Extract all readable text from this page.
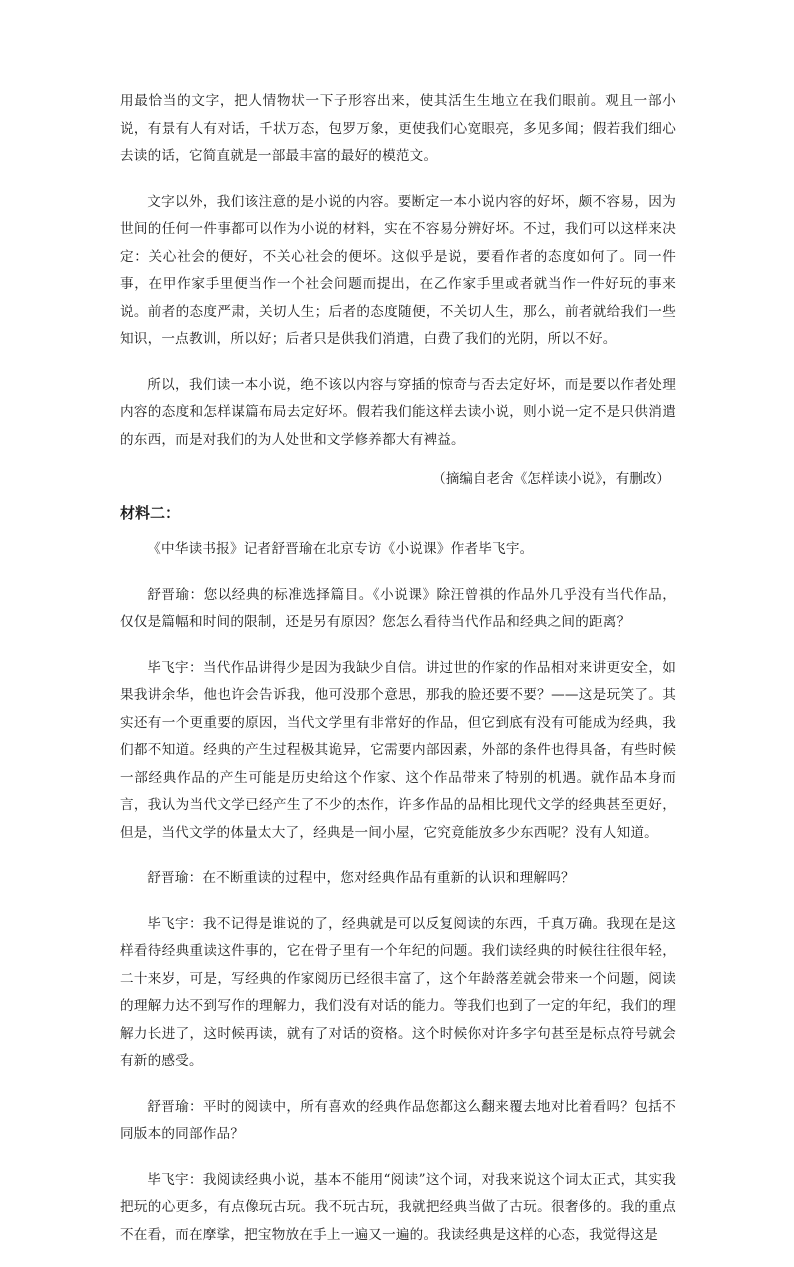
用最恰当的文字，把人情物状一下子形容出来，使其活生生地立在我们眼前。观且一部小说，有景有人有对话，千状万态，包罗万象，更使我们心宽眼亮，多见多闻；假若我们细心去读的话，它简直就是一部最丰富的最好的模范文。

文字以外，我们该注意的是小说的内容。要断定一本小说内容的好坏，颇不容易，因为世间的任何一件事都可以作为小说的材料，实在不容易分辨好坏。不过，我们可以这样来决定：关心社会的便好，不关心社会的便坏。这似乎是说，要看作者的态度如何了。同一件事，在甲作家手里便当作一个社会问题而提出，在乙作家手里或者就当作一件好玩的事来说。前者的态度严肃，关切人生；后者的态度随便，不关切人生，那么，前者就给我们一些知识，一点教训，所以好；后者只是供我们消遣，白费了我们的光阴，所以不好。

所以，我们读一本小说，绝不该以内容与穿插的惊奇与否去定好坏，而是要以作者处理内容的态度和怎样谋篇布局去定好坏。假若我们能这样去读小说，则小说一定不是只供消遣的东西，而是对我们的为人处世和文学修养都大有裨益。

（摘编自老舍《怎样读小说》，有删改）

材料二：

《中华读书报》记者舒晋瑜在北京专访《小说课》作者毕飞宇。

舒晋瑜：您以经典的标准选择篇目。《小说课》除汪曾祺的作品外几乎没有当代作品，仅仅是篇幅和时间的限制，还是另有原因？您怎么看待当代作品和经典之间的距离？

毕飞宇：当代作品讲得少是因为我缺少自信。讲过世的作家的作品相对来讲更安全，如果我讲余华，他也许会告诉我，他可没那个意思，那我的脸还要不要？——这是玩笑了。其实还有一个更重要的原因，当代文学里有非常好的作品，但它到底有没有可能成为经典，我们都不知道。经典的产生过程极其诡异，它需要内部因素，外部的条件也得具备，有些时候一部经典作品的产生可能是历史给这个作家、这个作品带来了特别的机遇。就作品本身而言，我认为当代文学已经产生了不少的杰作，许多作品的品相比现代文学的经典甚至更好，但是，当代文学的体量太大了，经典是一间小屋，它究竟能放多少东西呢？没有人知道。

舒晋瑜：在不断重读的过程中，您对经典作品有重新的认识和理解吗？

毕飞宇：我不记得是谁说的了，经典就是可以反复阅读的东西，千真万确。我现在是这样看待经典重读这件事的，它在骨子里有一个年纪的问题。我们读经典的时候往往很年轻，二十来岁，可是，写经典的作家阅历已经很丰富了，这个年龄落差就会带来一个问题，阅读的理解力达不到写作的理解力，我们没有对话的能力。等我们也到了一定的年纪，我们的理解力长进了，这时候再读，就有了对话的资格。这个时候你对许多字句甚至是标点符号就会有新的感受。

舒晋瑜：平时的阅读中，所有喜欢的经典作品您都这么翻来覆去地对比着看吗？包括不同版本的同部作品？

毕飞宇：我阅读经典小说，基本不能用“阅读”这个词，对我来说这个词太正式，其实我把玩的心更多，有点像玩古玩。我不玩古玩，我就把经典当做了古玩。很奢侈的。我的重点不在看，而在摩挲，把宝物放在手上一遍又一遍的。我读经典是这样的心态，我觉得这是
